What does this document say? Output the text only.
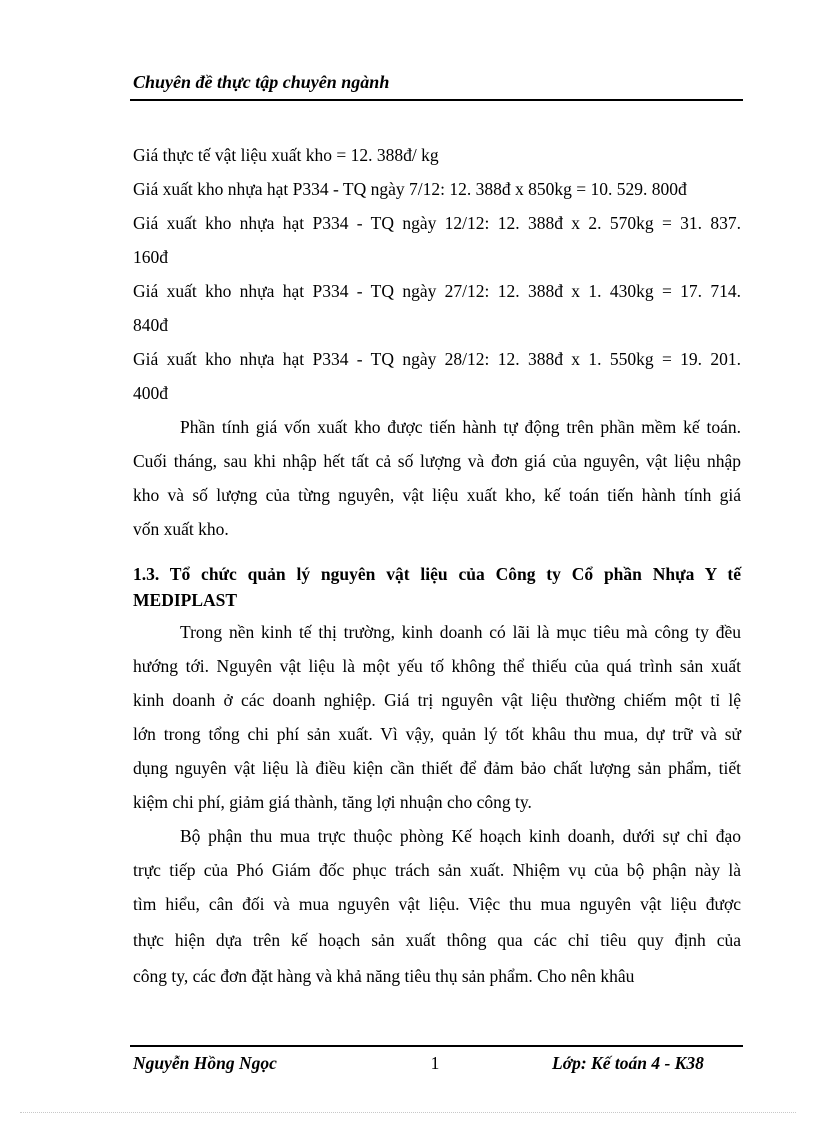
Chuyên đề thực tập chuyên ngành
Giá thực tế vật liệu xuất kho = 12. 388đ/ kg
Giá xuất kho nhựa hạt P334 - TQ ngày 7/12: 12. 388đ x 850kg = 10. 529. 800đ
Giá xuất kho nhựa hạt P334 - TQ ngày 12/12: 12. 388đ x 2. 570kg = 31. 837.
160đ
Giá xuất kho nhựa hạt P334 - TQ ngày 27/12: 12. 388đ x 1. 430kg = 17. 714.
840đ
Giá xuất kho nhựa hạt P334 - TQ ngày 28/12: 12. 388đ x 1. 550kg = 19. 201.
400đ
Phần tính giá vốn xuất kho được tiến hành tự động trên phần mềm kế toán.
Cuối tháng, sau khi nhập hết tất cả số lượng và đơn giá của nguyên, vật liệu nhập
kho và số lượng của từng nguyên, vật liệu xuất kho, kế toán tiến hành tính giá
vốn xuất kho.
1.3. Tổ chức quản lý nguyên vật liệu của Công ty Cổ phần Nhựa Y tế
MEDIPLAST
Trong nền kinh tế thị trường, kinh doanh có lãi là mục tiêu mà công ty đều
hướng tới. Nguyên vật liệu là một yếu tố không thể thiếu của quá trình sản xuất
kinh doanh ở các doanh nghiệp. Giá trị nguyên vật liệu thường chiếm một tỉ lệ
lớn trong tổng chi phí sản xuất. Vì vậy, quản lý tốt khâu thu mua, dự trữ và sử
dụng nguyên vật liệu là điều kiện cần thiết để đảm bảo chất lượng sản phẩm, tiết
kiệm chi phí, giảm giá thành, tăng lợi nhuận cho công ty.
Bộ phận thu mua trực thuộc phòng Kế hoạch kinh doanh, dưới sự chỉ đạo
trực tiếp của Phó Giám đốc phục trách sản xuất. Nhiệm vụ của bộ phận này là
tìm hiểu, cân đối và mua nguyên vật liệu. Việc thu mua nguyên vật liệu được
thực hiện dựa trên kế hoạch sản xuất thông qua các chỉ tiêu quy định của
công ty, các đơn đặt hàng và khả năng tiêu thụ sản phẩm. Cho nên khâu
Nguyễn Hồng Ngọc	1	Lớp: Kế toán 4 - K38
